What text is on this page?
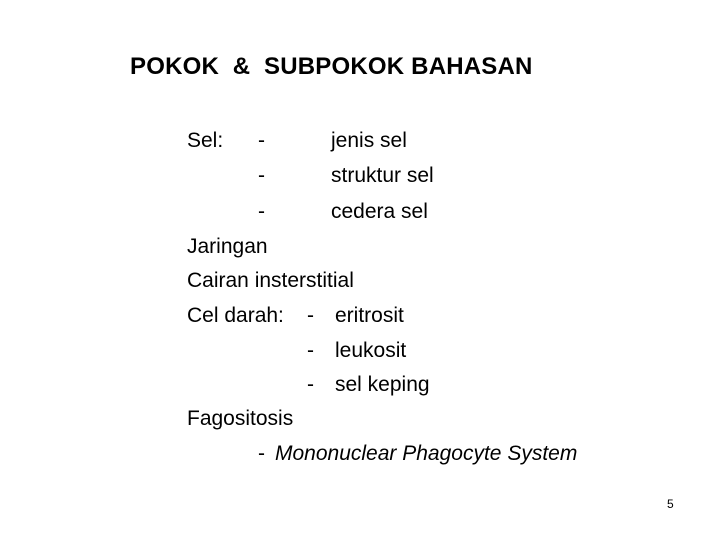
POKOK  &  SUBPOKOK BAHASAN
Sel: -	jenis sel
-	struktur sel
-	cedera sel
Jaringan
Cairan insterstitial
Cel darah: - eritrosit
- leukosit
- sel keping
Fagositosis
- Mononuclear Phagocyte System
5
